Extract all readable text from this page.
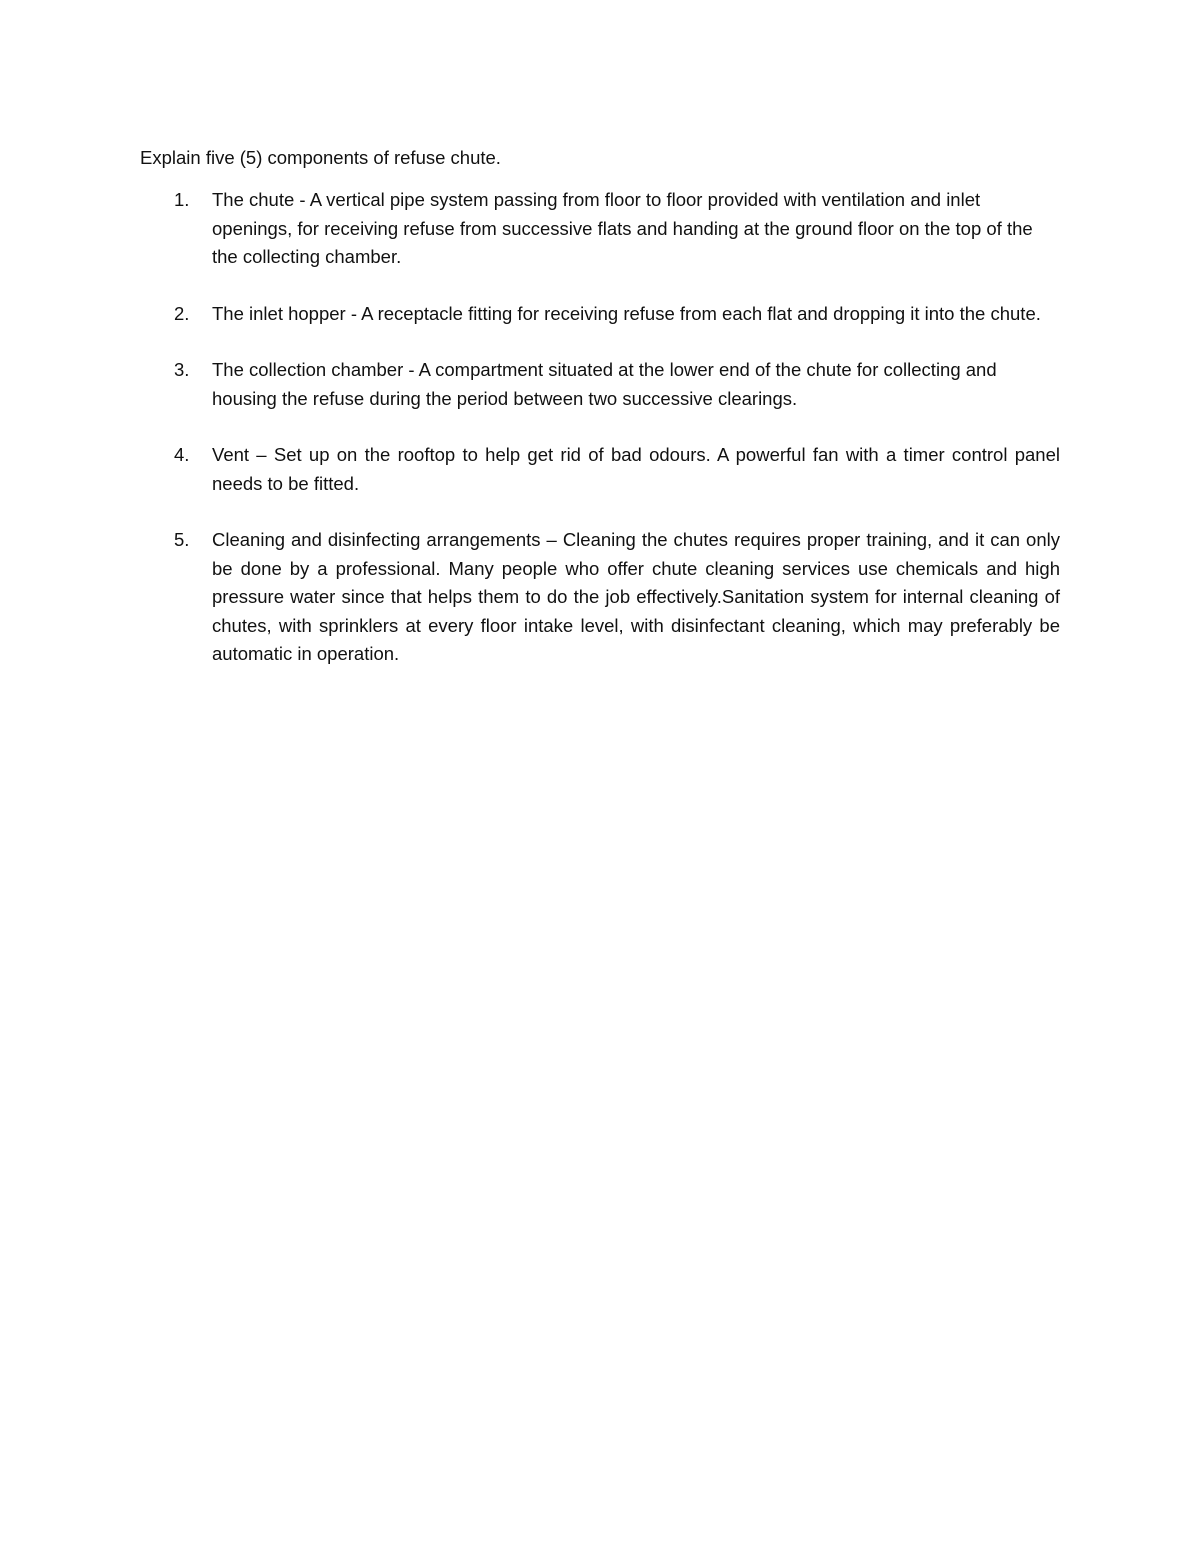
Explain five (5) components of refuse chute.
1.	The chute - A vertical pipe system passing from floor to floor provided with ventilation and inlet openings, for receiving refuse from successive flats and handing at the ground floor on the top of the the collecting chamber.
2.	The inlet hopper - A receptacle fitting for receiving refuse from each flat and dropping it into the chute.
3.	The collection chamber - A compartment situated at the lower end of the chute for collecting and housing the refuse during the period between two successive clearings.
4.	Vent – Set up on the rooftop to help get rid of bad odours. A powerful fan with a timer control panel needs to be fitted.
5.	Cleaning and disinfecting arrangements – Cleaning the chutes requires proper training, and it can only be done by a professional. Many people who offer chute cleaning services use chemicals and high pressure water since that helps them to do the job effectively.Sanitation system for internal cleaning of chutes, with sprinklers at every floor intake level, with disinfectant cleaning, which may preferably be automatic in operation.
